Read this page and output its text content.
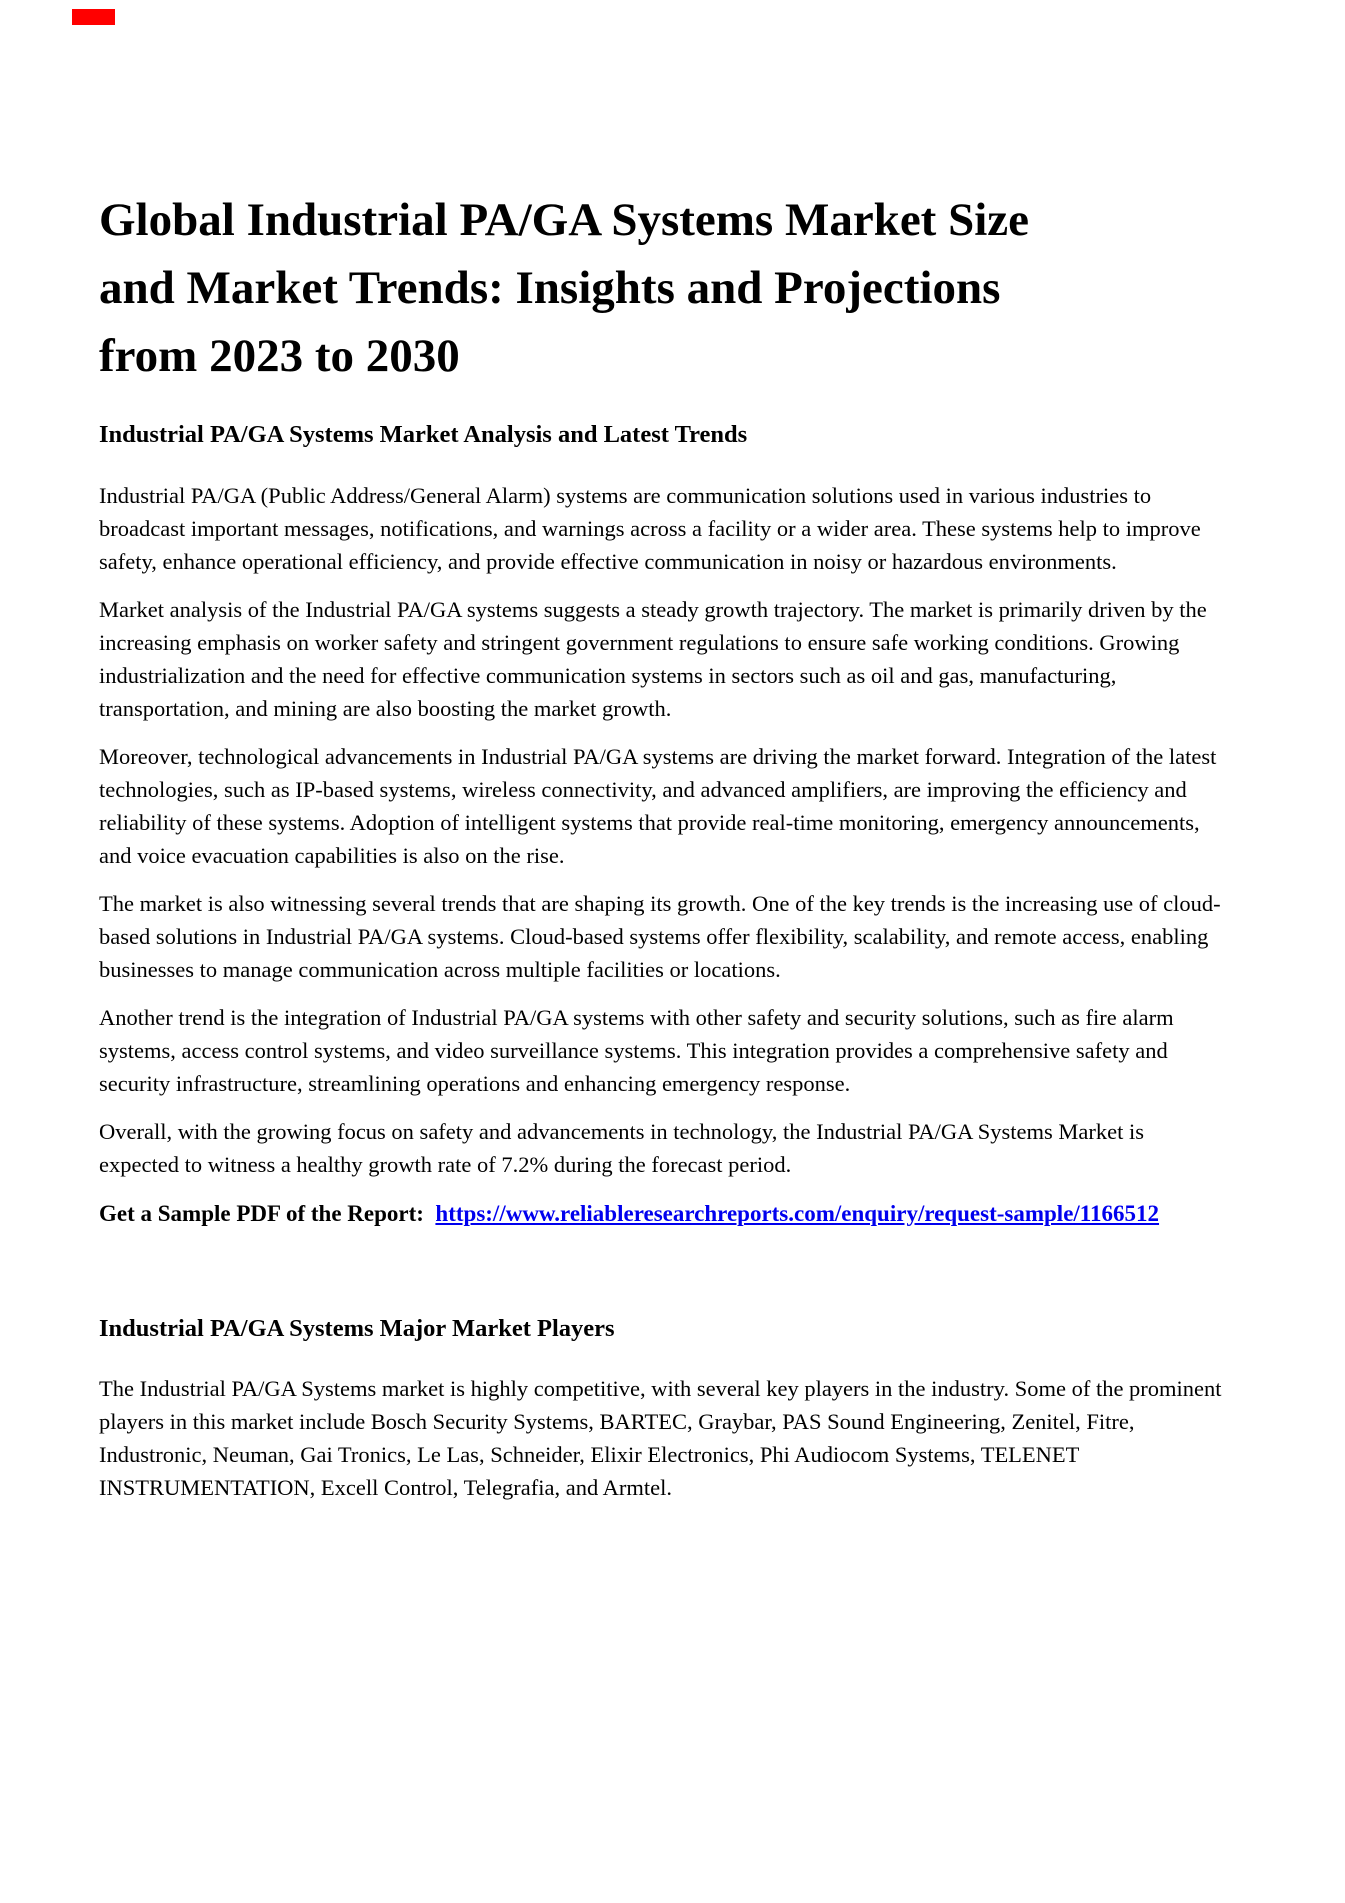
Global Industrial PA/GA Systems Market Size
and Market Trends: Insights and Projections
from 2023 to 2030
Industrial PA/GA Systems Market Analysis and Latest Trends

Industrial PA/GA (Public Address/General Alarm) systems are communication solutions used in various industries to broadcast important messages, notifications, and warnings across a facility or a wider area. These systems help to improve safety, enhance operational efficiency, and provide effective communication in noisy or hazardous environments.

Market analysis of the Industrial PA/GA systems suggests a steady growth trajectory. The market is primarily driven by the increasing emphasis on worker safety and stringent government regulations to ensure safe working conditions. Growing industrialization and the need for effective communication systems in sectors such as oil and gas, manufacturing, transportation, and mining are also boosting the market growth.

Moreover, technological advancements in Industrial PA/GA systems are driving the market forward. Integration of the latest technologies, such as IP-based systems, wireless connectivity, and advanced amplifiers, are improving the efficiency and reliability of these systems. Adoption of intelligent systems that provide real-time monitoring, emergency announcements, and voice evacuation capabilities is also on the rise.

The market is also witnessing several trends that are shaping its growth. One of the key trends is the increasing use of cloud-based solutions in Industrial PA/GA systems. Cloud-based systems offer flexibility, scalability, and remote access, enabling businesses to manage communication across multiple facilities or locations.

Another trend is the integration of Industrial PA/GA systems with other safety and security solutions, such as fire alarm systems, access control systems, and video surveillance systems. This integration provides a comprehensive safety and security infrastructure, streamlining operations and enhancing emergency response.

Overall, with the growing focus on safety and advancements in technology, the Industrial PA/GA Systems Market is expected to witness a healthy growth rate of 7.2% during the forecast period.

Get a Sample PDF of the Report: https://www.reliableresearchreports.com/enquiry/request-sample/1166512

Industrial PA/GA Systems Major Market Players

The Industrial PA/GA Systems market is highly competitive, with several key players in the industry. Some of the prominent players in this market include Bosch Security Systems, BARTEC, Graybar, PAS Sound Engineering, Zenitel, Fitre, Industronic, Neuman, Gai Tronics, Le Las, Schneider, Elixir Electronics, Phi Audiocom Systems, TELENET INSTRUMENTATION, Excell Control, Telegrafia, and Armtel.
